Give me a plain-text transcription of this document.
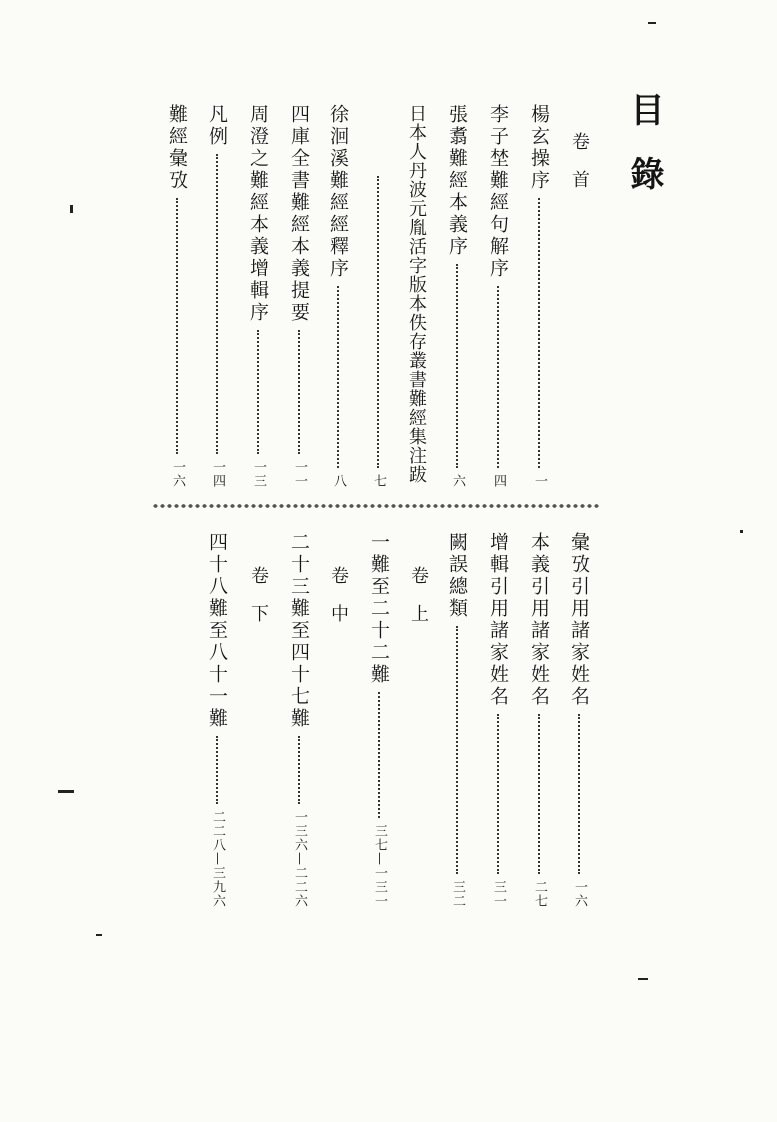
目錄
卷首
楊玄操序
一
李子埜難經句解序
四
張翥難經本義序
六
日本人丹波元胤活字版本佚存叢書難經集注跋
七
徐洄溪難經經釋序
八
四庫全書難經本義提要
一一
周澄之難經本義增輯序
一三
凡例
一四
難經彙攷
一六
彙攷引用諸家姓名
一六
本義引用諸家姓名
二七
增輯引用諸家姓名
三一
闕誤總類
三二
卷上
一難至二十二難
三七—一三一
卷中
二十三難至四十七難
一三六—二二六
卷下
四十八難至八十一難
二二八—三九六
